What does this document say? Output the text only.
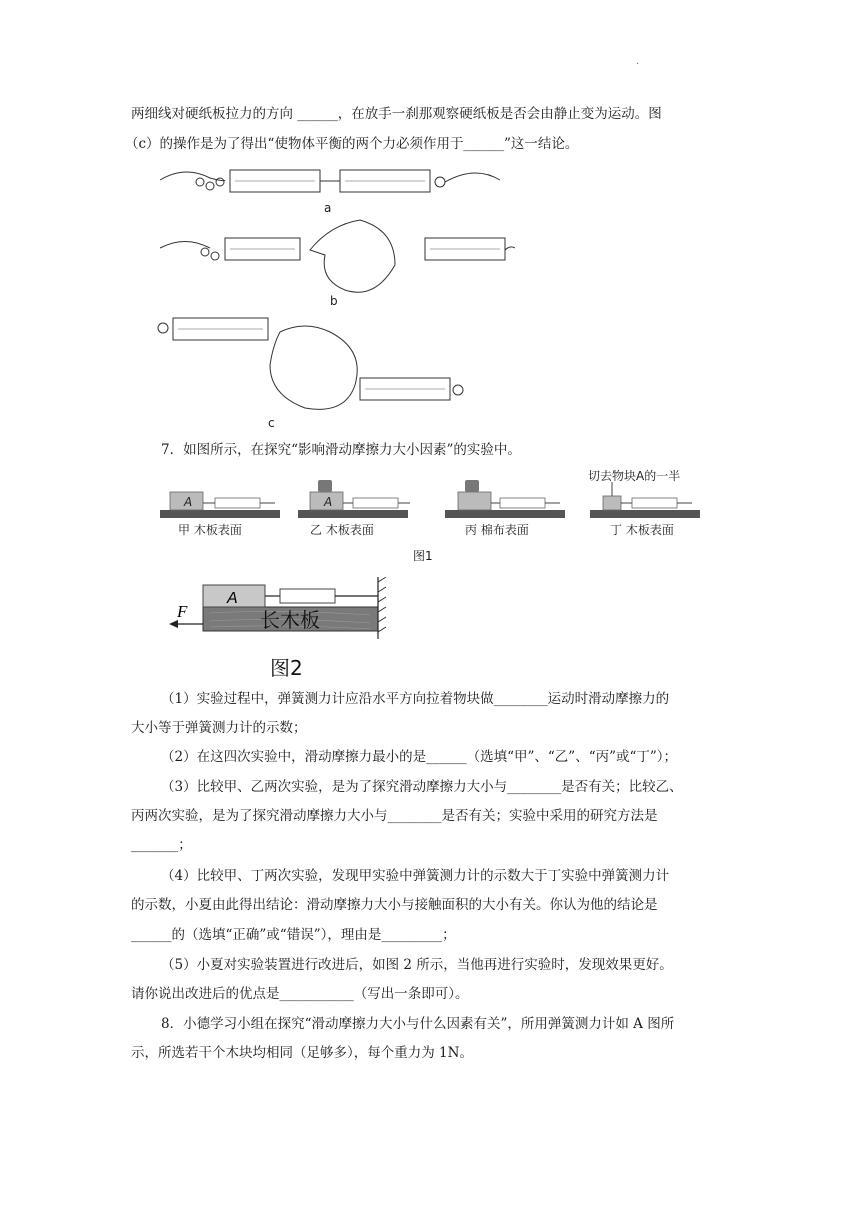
.
两细线对硬纸板拉力的方向 ______，在放手一刹那观察硬纸板是否会由静止变为运动。图
（c）的操作是为了得出“使物体平衡的两个力必须作用于______”这一结论。
a
b
c
7．如图所示，在探究“影响滑动摩擦力大小因素”的实验中。
A	A
甲 木板表面	乙 木板表面	丙 棉布表面	丁 木板表面
切去物块A的一半
图1
F
A
长木板
图2
（1）实验过程中，弹簧测力计应沿水平方向拉着物块做________运动时滑动摩擦力的
大小等于弹簧测力计的示数；
（2）在这四次实验中，滑动摩擦力最小的是______（选填“甲”、“乙”、“丙”或“丁”）；
（3）比较甲、乙两次实验，是为了探究滑动摩擦力大小与________是否有关；比较乙、
丙两次实验，是为了探究滑动摩擦力大小与________是否有关；实验中采用的研究方法是
_______；
（4）比较甲、丁两次实验，发现甲实验中弹簧测力计的示数大于丁实验中弹簧测力计
的示数，小夏由此得出结论：滑动摩擦力大小与接触面积的大小有关。你认为他的结论是
______的（选填“正确”或“错误”），理由是_________；
（5）小夏对实验装置进行改进后，如图 2 所示，当他再进行实验时，发现效果更好。
请你说出改进后的优点是___________（写出一条即可）。
8．小德学习小组在探究“滑动摩擦力大小与什么因素有关”，所用弹簧测力计如 A 图所
示，所选若干个木块均相同（足够多），每个重力为 1N。
